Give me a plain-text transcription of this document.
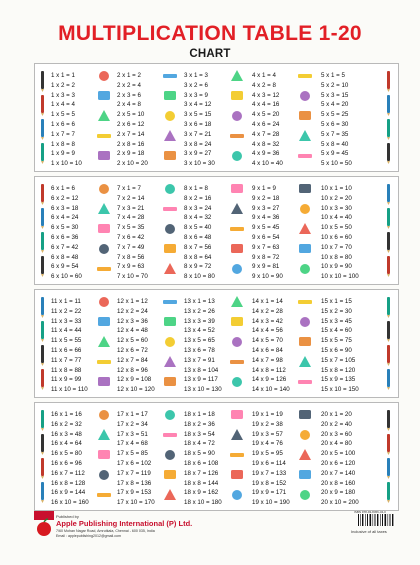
MULTIPLICATION TABLE 1-20
CHART
1 x 1 = 1
1 x 2 = 2
1 x 3 = 3
1 x 4 = 4
1 x 5 = 5
1 x 6 = 6
1 x 7 = 7
1 x 8 = 8
1 x 9 = 9
1 x 10 = 10
2 x 1 = 2
2 x 2 = 4
2 x 3 = 6
2 x 4 = 8
2 x 5 = 10
2 x 6 = 12
2 x 7 = 14
2 x 8 = 16
2 x 9 = 18
2 x 10 = 20
3 x 1 = 3
3 x 2 = 6
3 x 3 = 9
3 x 4 = 12
3 x 5 = 15
3 x 6 = 18
3 x 7 = 21
3 x 8 = 24
3 x 9 = 27
3 x 10 = 30
4 x 1 = 4
4 x 2 = 8
4 x 3 = 12
4 x 4 = 16
4 x 5 = 20
4 x 6 = 24
4 x 7 = 28
4 x 8 = 32
4 x 9 = 36
4 x 10 = 40
5 x 1 = 5
5 x 2 = 10
5 x 3 = 15
5 x 4 = 20
5 x 5 = 25
5 x 6 = 30
5 x 7 = 35
5 x 8 = 40
5 x 9 = 45
5 x 10 = 50
6 x 1 = 6
6 x 2 = 12
6 x 3 = 18
6 x 4 = 24
6 x 5 = 30
6 x 6 = 36
6 x 7 = 42
6 x 8 = 48
6 x 9 = 54
6 x 10 = 60
7 x 1 = 7
7 x 2 = 14
7 x 3 = 21
7 x 4 = 28
7 x 5 = 35
7 x 6 = 42
7 x 7 = 49
7 x 8 = 56
7 x 9 = 63
7 x 10 = 70
8 x 1 = 8
8 x 2 = 16
8 x 3 = 24
8 x 4 = 32
8 x 5 = 40
8 x 6 = 48
8 x 7 = 56
8 x 8 = 64
8 x 9 = 72
8 x 10 = 80
9 x 1 = 9
9 x 2 = 18
9 x 3 = 27
9 x 4 = 36
9 x 5 = 45
9 x 6 = 54
9 x 7 = 63
9 x 8 = 72
9 x 9 = 81
9 x 10 = 90
10 x 1 = 10
10 x 2 = 20
10 x 3 = 30
10 x 4 = 40
10 x 5 = 50
10 x 6 = 60
10 x 7 = 70
10 x 8 = 80
10 x 9 = 90
10 x 10 = 100
11 x 1 = 11
11 x 2 = 22
11 x 3 = 33
11 x 4 = 44
11 x 5 = 55
11 x 6 = 66
11 x 7 = 77
11 x 8 = 88
11 x 9 = 99
11 x 10 = 110
12 x 1 = 12
12 x 2 = 24
12 x 3 = 36
12 x 4 = 48
12 x 5 = 60
12 x 6 = 72
12 x 7 = 84
12 x 8 = 96
12 x 9 = 108
12 x 10 = 120
13 x 1 = 13
13 x 2 = 26
13 x 3 = 39
13 x 4 = 52
13 x 5 = 65
13 x 6 = 78
13 x 7 = 91
13 x 8 = 104
13 x 9 = 117
13 x 10 = 130
14 x 1 = 14
14 x 2 = 28
14 x 3 = 42
14 x 4 = 56
14 x 5 = 70
14 x 6 = 84
14 x 7 = 98
14 x 8 = 112
14 x 9 = 126
14 x 10 = 140
15 x 1 = 15
15 x 2 = 30
15 x 3 = 45
15 x 4 = 60
15 x 5 = 75
15 x 6 = 90
15 x 7 = 105
15 x 8 = 120
15 x 9 = 135
15 x 10 = 150
16 x 1 = 16
16 x 2 = 32
16 x 3 = 48
16 x 4 = 64
16 x 5 = 80
16 x 6 = 96
16 x 7 = 112
16 x 8 = 128
16 x 9 = 144
16 x 10 = 160
17 x 1 = 17
17 x 2 = 34
17 x 3 = 51
17 x 4 = 68
17 x 5 = 85
17 x 6 = 102
17 x 7 = 119
17 x 8 = 136
17 x 9 = 153
17 x 10 = 170
18 x 1 = 18
18 x 2 = 36
18 x 3 = 54
18 x 4 = 72
18 x 5 = 90
18 x 6 = 108
18 x 7 = 126
18 x 8 = 144
18 x 9 = 162
18 x 10 = 180
19 x 1 = 19
19 x 2 = 38
19 x 3 = 57
19 x 4 = 76
19 x 5 = 95
19 x 6 = 114
19 x 7 = 133
19 x 8 = 152
19 x 9 = 171
19 x 10 = 190
20 x 1 = 20
20 x 2 = 40
20 x 3 = 60
20 x 4 = 80
20 x 5 = 100
20 x 6 = 120
20 x 7 = 140
20 x 8 = 160
20 x 9 = 180
20 x 10 = 200
Published by
Apple Publishing International (P) Ltd.
7/60 Mohan Nagar Road, Amrutkala, Chennai - 600 035, India
Email : applepublishing2012@gmail.com
ISBN 978-93-8456-34-0
Inclusive of all taxes
